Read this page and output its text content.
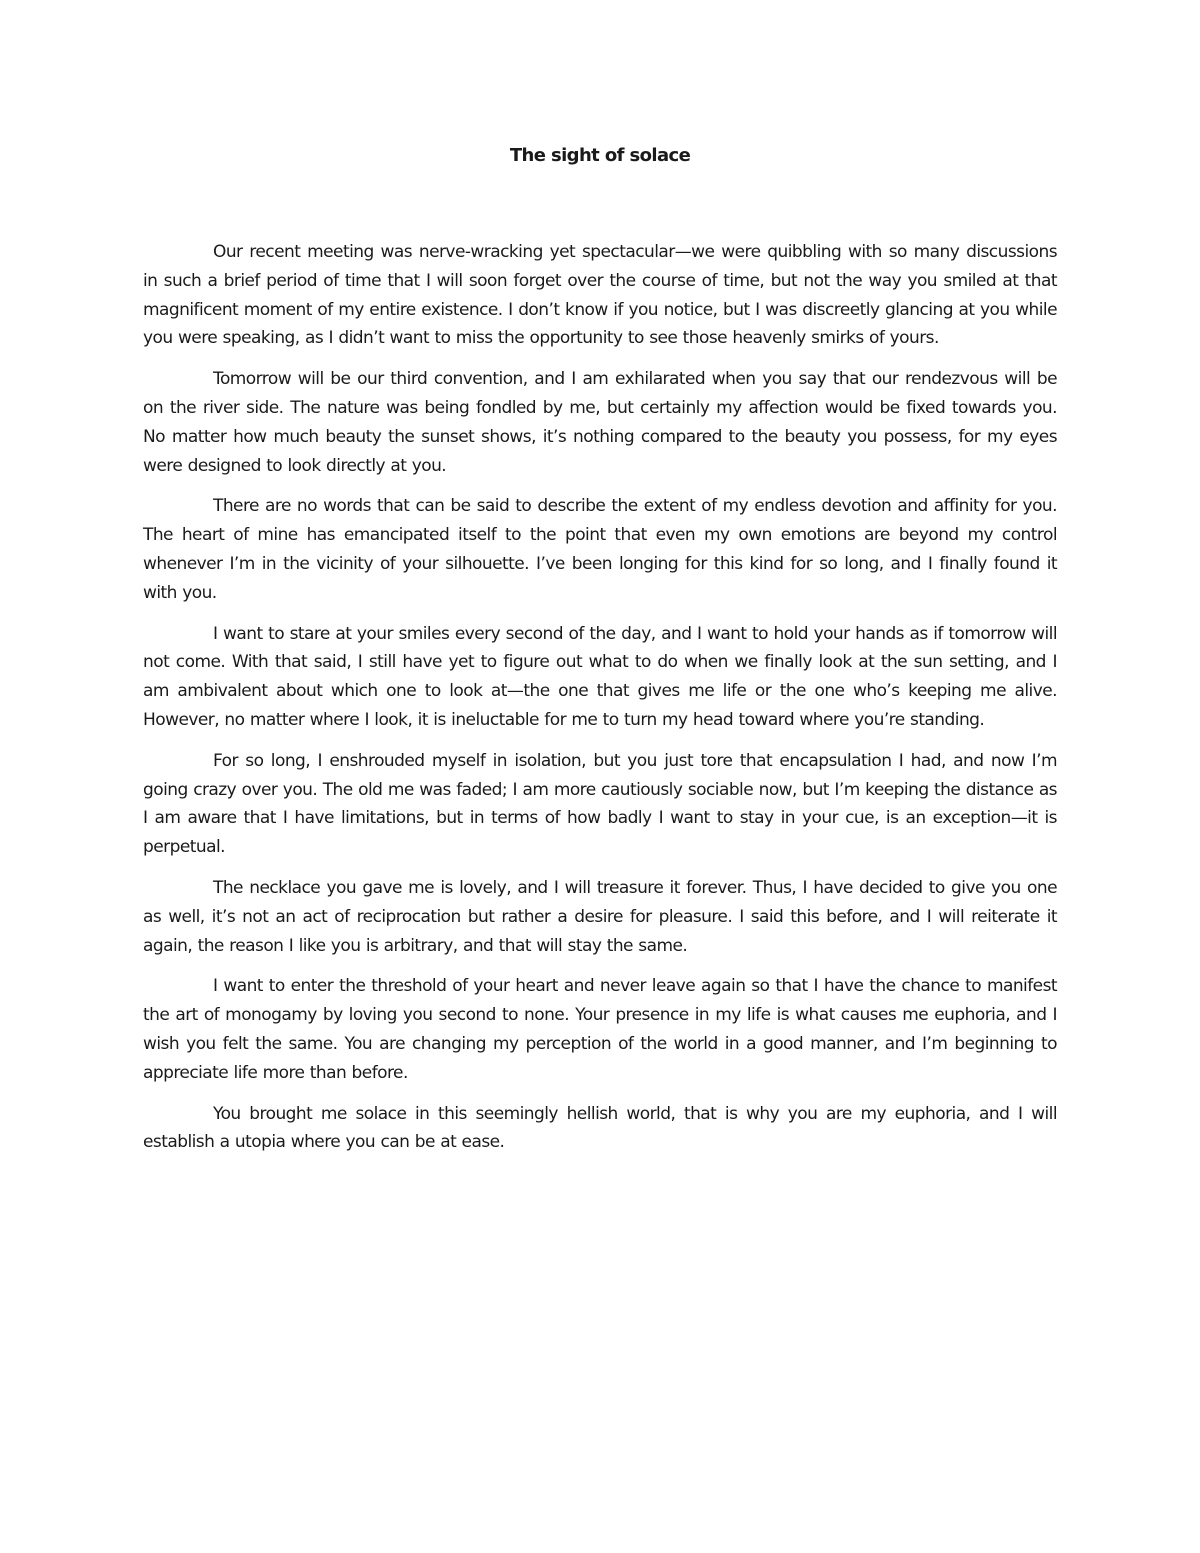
The sight of solace

Our recent meeting was nerve-wracking yet spectacular—we were quibbling with so many discussions in such a brief period of time that I will soon forget over the course of time, but not the way you smiled at that magnificent moment of my entire existence. I don’t know if you notice, but I was discreetly glancing at you while you were speaking, as I didn’t want to miss the opportunity to see those heavenly smirks of yours.

Tomorrow will be our third convention, and I am exhilarated when you say that our rendezvous will be on the river side. The nature was being fondled by me, but certainly my affection would be fixed towards you. No matter how much beauty the sunset shows, it’s nothing compared to the beauty you possess, for my eyes were designed to look directly at you.

There are no words that can be said to describe the extent of my endless devotion and affinity for you. The heart of mine has emancipated itself to the point that even my own emotions are beyond my control whenever I’m in the vicinity of your silhouette. I’ve been longing for this kind for so long, and I finally found it with you.

I want to stare at your smiles every second of the day, and I want to hold your hands as if tomorrow will not come. With that said, I still have yet to figure out what to do when we finally look at the sun setting, and I am ambivalent about which one to look at—the one that gives me life or the one who’s keeping me alive. However, no matter where I look, it is ineluctable for me to turn my head toward where you’re standing.

For so long, I enshrouded myself in isolation, but you just tore that encapsulation I had, and now I’m going crazy over you. The old me was faded; I am more cautiously sociable now, but I’m keeping the distance as I am aware that I have limitations, but in terms of how badly I want to stay in your cue, is an exception—it is perpetual.

The necklace you gave me is lovely, and I will treasure it forever. Thus, I have decided to give you one as well, it’s not an act of reciprocation but rather a desire for pleasure. I said this before, and I will reiterate it again, the reason I like you is arbitrary, and that will stay the same.

I want to enter the threshold of your heart and never leave again so that I have the chance to manifest the art of monogamy by loving you second to none. Your presence in my life is what causes me euphoria, and I wish you felt the same. You are changing my perception of the world in a good manner, and I’m beginning to appreciate life more than before.

You brought me solace in this seemingly hellish world, that is why you are my euphoria, and I will establish a utopia where you can be at ease.
